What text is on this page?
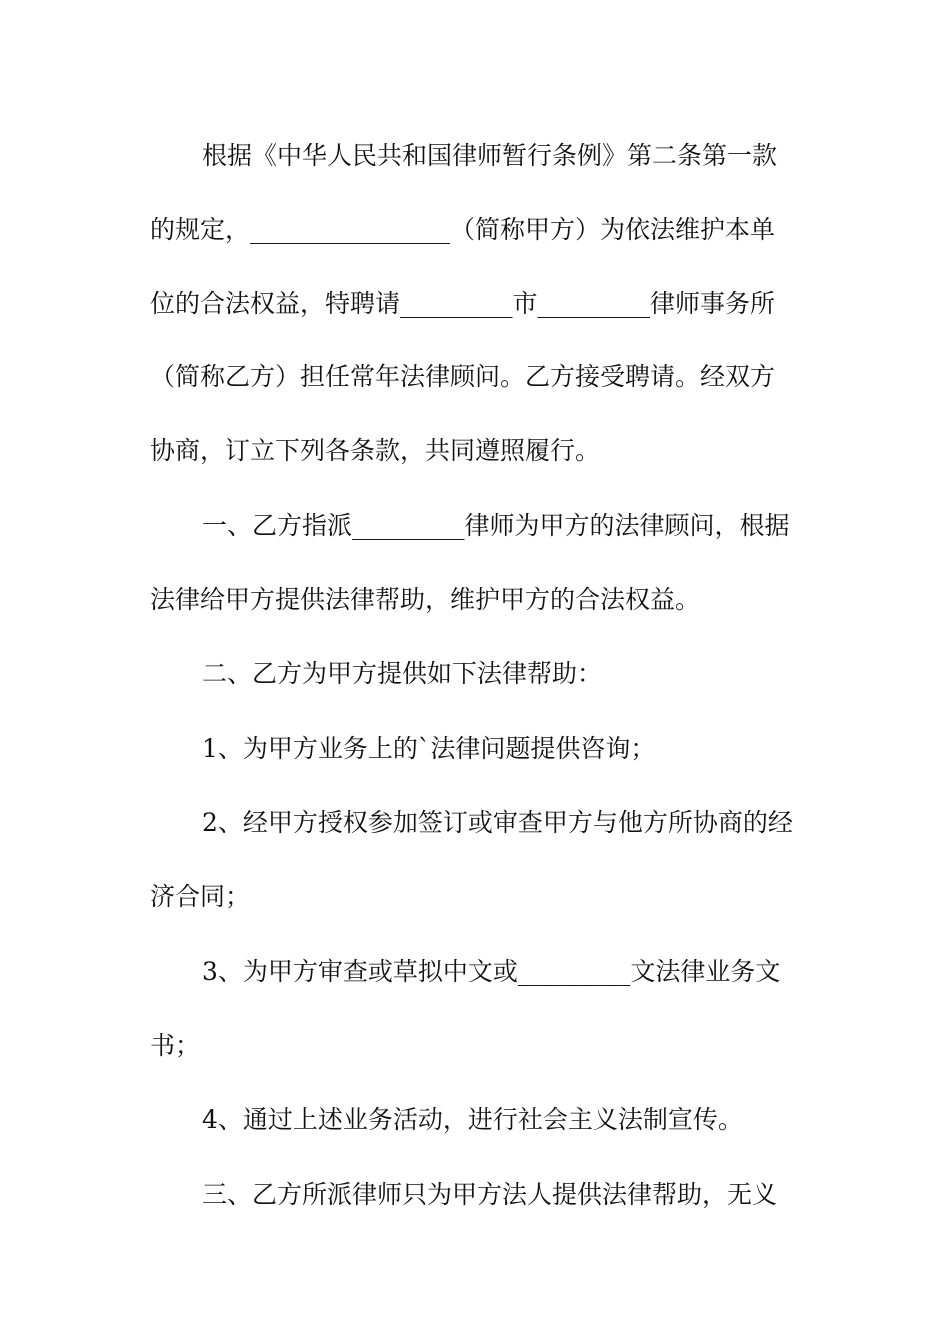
根据《中华人民共和国律师暂行条例》第二条第一款
的规定，________________（简称甲方）为依法维护本单
位的合法权益，特聘请_________市_________律师事务所
（简称乙方）担任常年法律顾问。乙方接受聘请。经双方
协商，订立下列各条款，共同遵照履行。
一、乙方指派_________律师为甲方的法律顾问，根据
法律给甲方提供法律帮助，维护甲方的合法权益。
二、乙方为甲方提供如下法律帮助：
1、为甲方业务上的`法律问题提供咨询；
2、经甲方授权参加签订或审查甲方与他方所协商的经
济合同；
3、为甲方审查或草拟中文或_________文法律业务文
书；
4、通过上述业务活动，进行社会主义法制宣传。
三、乙方所派律师只为甲方法人提供法律帮助，无义
